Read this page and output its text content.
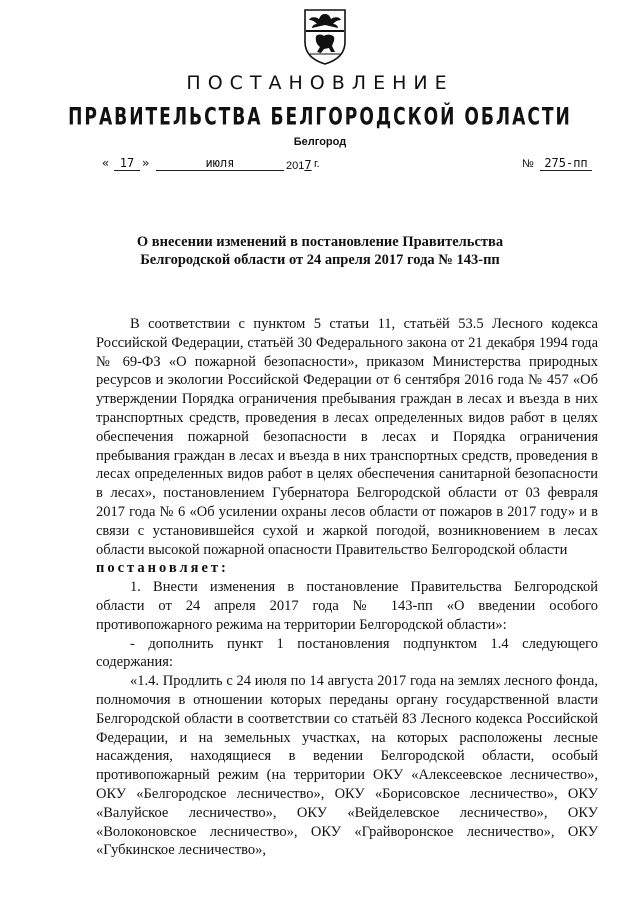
ПОСТАНОВЛЕНИЕ
ПРАВИТЕЛЬСТВА БЕЛГОРОДСКОЙ ОБЛАСТИ
Белгород
« 17 »	июля	2017 г.	№ 275-пп
О внесении изменений в постановление Правительства Белгородской области от 24 апреля 2017 года № 143-пп

В соответствии с пунктом 5 статьи 11, статьёй 53.5 Лесного кодекса Российской Федерации, статьёй 30 Федерального закона от 21 декабря 1994 года № 69-ФЗ «О пожарной безопасности», приказом Министерства природных ресурсов и экологии Российской Федерации от 6 сентября 2016 года № 457 «Об утверждении Порядка ограничения пребывания граждан в лесах и въезда в них транспортных средств, проведения в лесах определенных видов работ в целях обеспечения пожарной безопасности в лесах и Порядка ограничения пребывания граждан в лесах и въезда в них транспортных средств, проведения в лесах определенных видов работ в целях обеспечения санитарной безопасности в лесах», постановлением Губернатора Белгородской области от 03 февраля 2017 года № 6 «Об усилении охраны лесов области от пожаров в 2017 году» и в связи с установившейся сухой и жаркой погодой, возникновением в лесах области высокой пожарной опасности Правительство Белгородской области

постановляет:

1. Внести изменения в постановление Правительства Белгородской области от 24 апреля 2017 года № 143-пп «О введении особого противопожарного режима на территории Белгородской области»:

- дополнить пункт 1 постановления подпунктом 1.4 следующего содержания:

«1.4. Продлить с 24 июля по 14 августа 2017 года на землях лесного фонда, полномочия в отношении которых переданы органу государственной власти Белгородской области в соответствии со статьёй 83 Лесного кодекса Российской Федерации, и на земельных участках, на которых расположены лесные насаждения, находящиеся в ведении Белгородской области, особый противопожарный режим (на территории ОКУ «Алексеевское лесничество», ОКУ «Белгородское лесничество», ОКУ «Борисовское лесничество», ОКУ «Валуйское лесничество», ОКУ «Вейделевское лесничество», ОКУ «Волоконовское лесничество», ОКУ «Грайворонское лесничество», ОКУ «Губкинское лесничество»,
